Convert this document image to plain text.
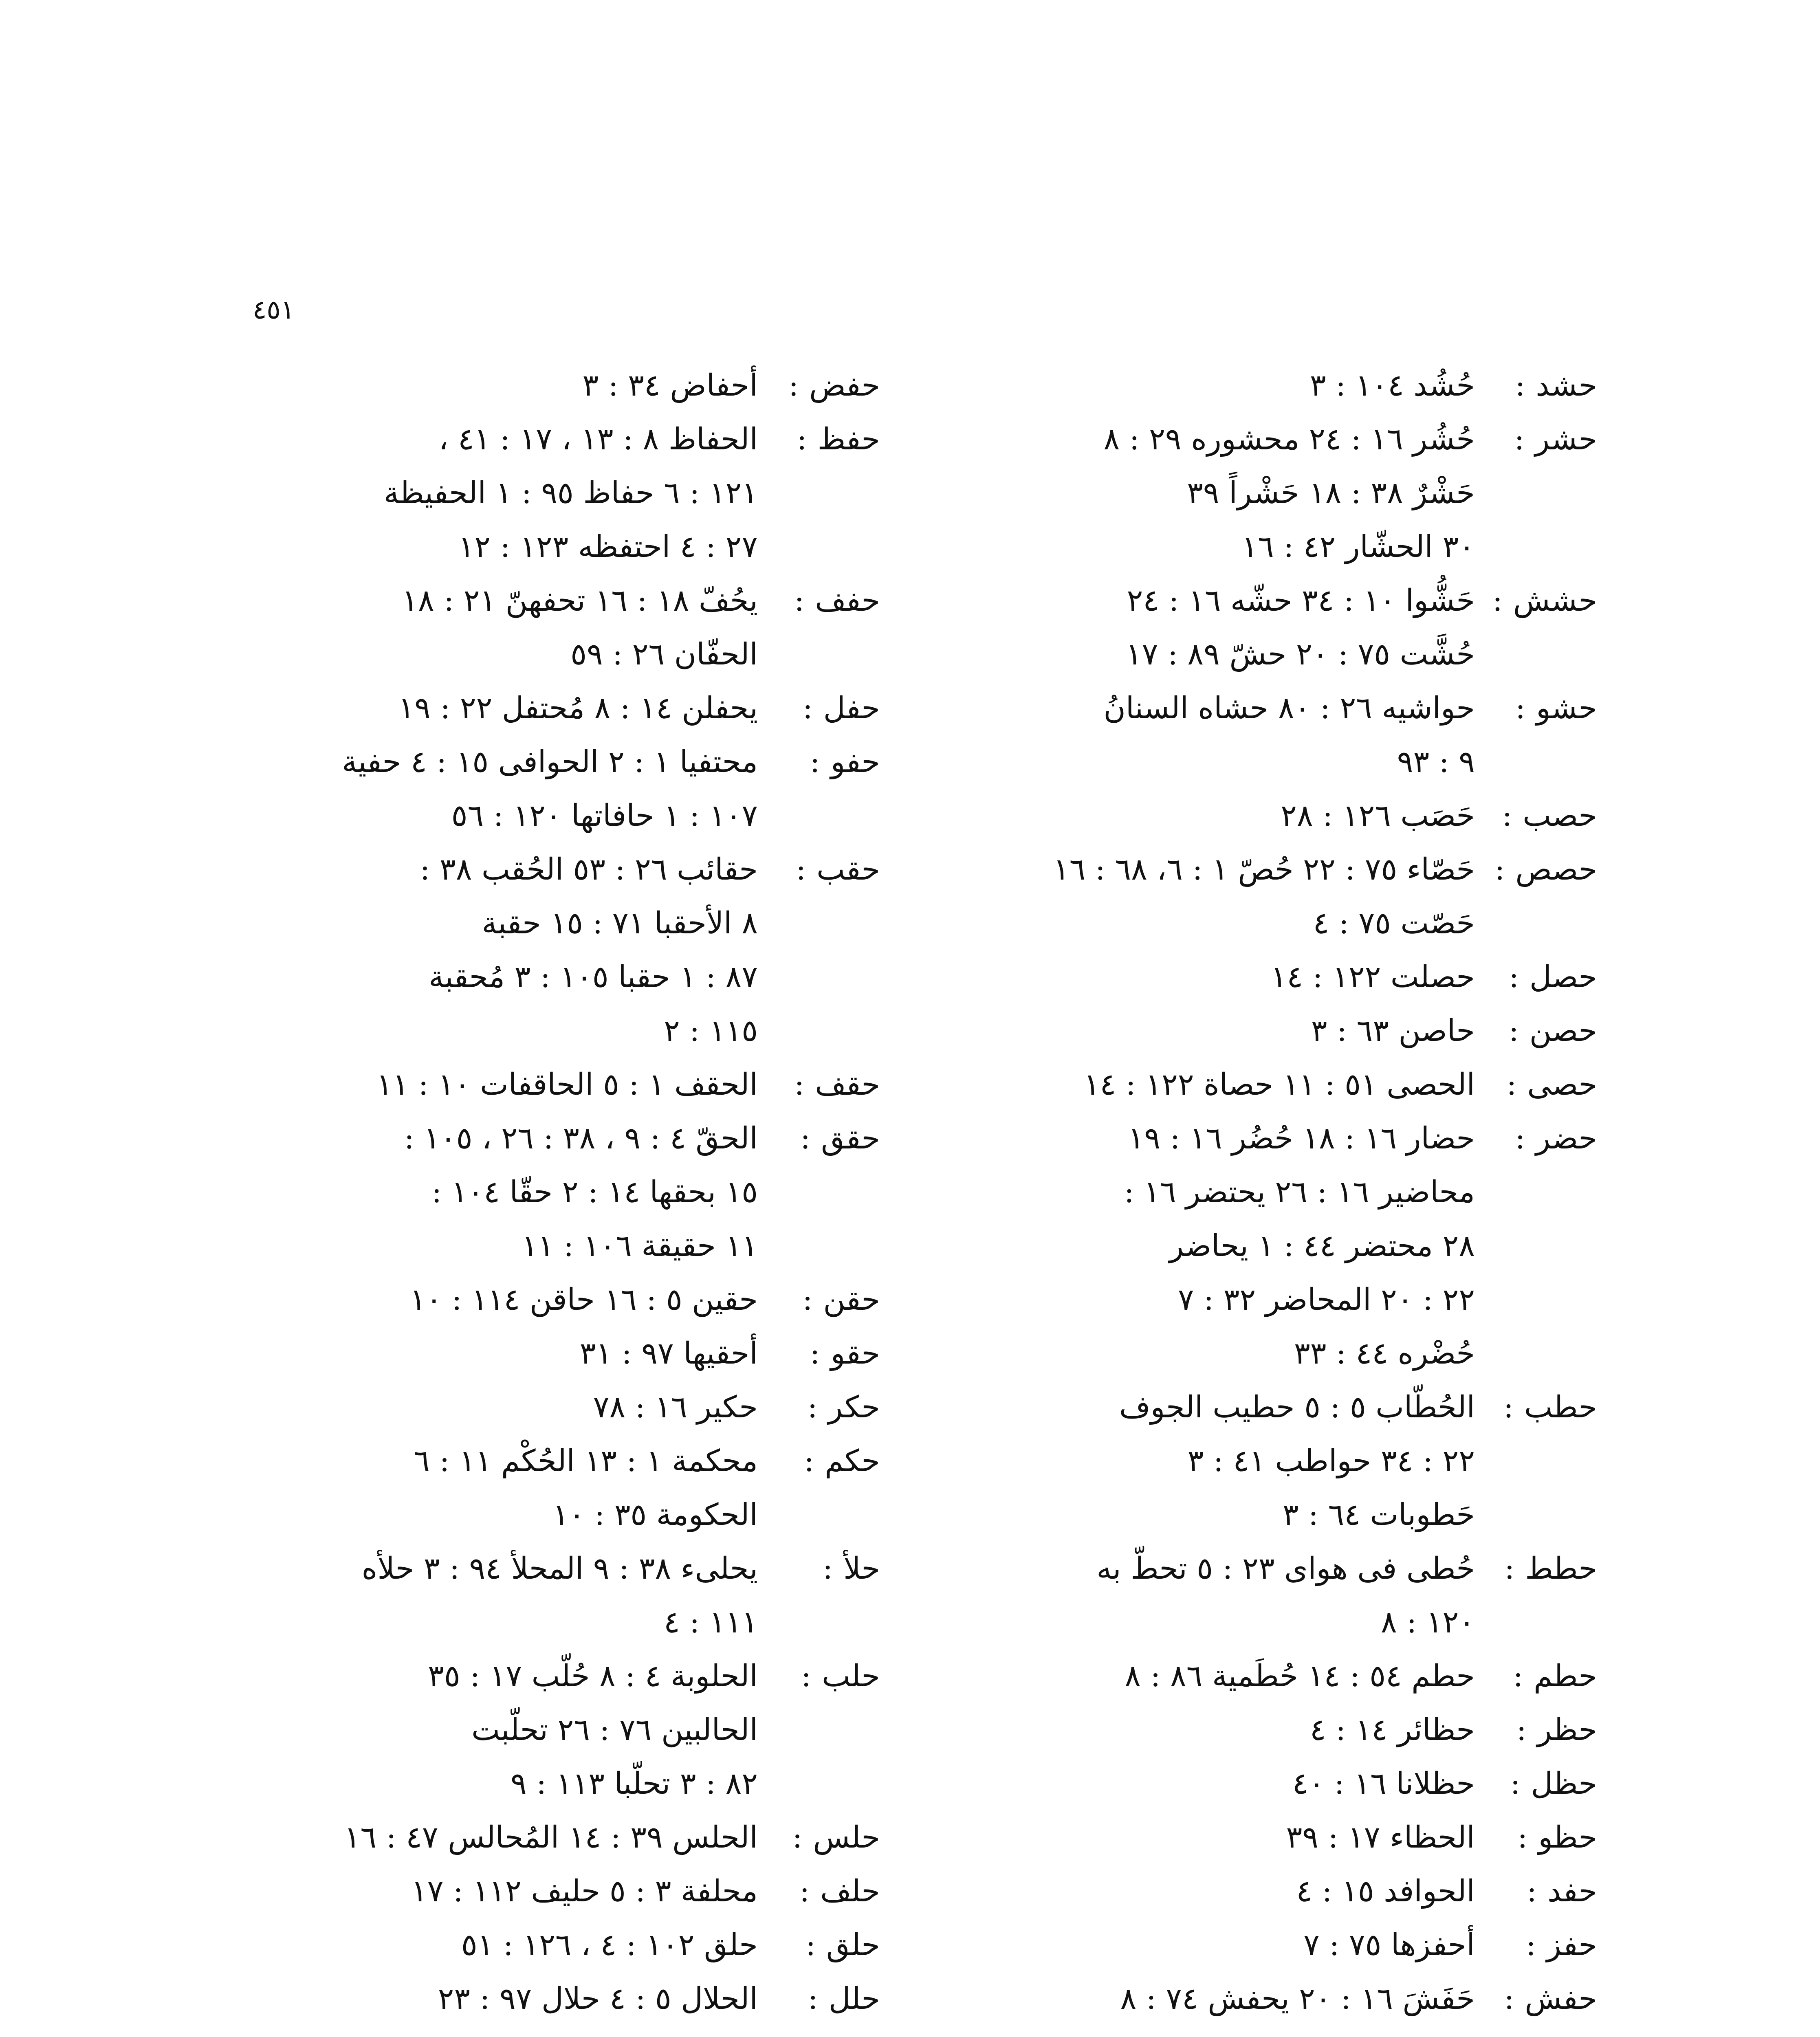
٤٥١
حشد:
حُشُد ١٠٤ : ٣
حشر:
حُشُر ١٦ : ٢٤ محشوره ٢٩ : ٨
حَشْرٌ ٣٨ : ١٨ حَشْراً ٣٩
٣٠ الحشّار ٤٢ : ١٦
حشش:
حَشُّوا ١٠ : ٣٤ حشّه ١٦ : ٢٤
حُشَّت ٧٥ : ٢٠ حشّ ٨٩ : ١٧
حشو:
حواشيه ٢٦ : ٨٠ حشاه السنانُ
٩ : ٩٣
حصب:
حَصَب ١٢٦ : ٢٨
حصص:
حَصّاء ٧٥ : ٢٢ حُصّ ١ : ٦، ٦٨ : ١٦
حَصّت ٧٥ : ٤
حصل:
حصلت ١٢٢ : ١٤
حصن:
حاصن ٦٣ : ٣
حصى:
الحصى ٥١ : ١١ حصاة ١٢٢ : ١٤
حضر:
حضار ١٦ : ١٨ حُضُر ١٦ : ١٩
محاضير ١٦ : ٢٦ يحتضر ١٦ :
٢٨ محتضر ٤٤ : ١ يحاضر
٢٢ : ٢٠ المحاضر ٣٢ : ٧
حُضْره ٤٤ : ٣٣
حطب:
الحُطّاب ٥ : ٥ حطيب الجوف
٢٢ : ٣٤ حواطب ٤١ : ٣
حَطوبات ٦٤ : ٣
حطط:
حُطى فى هواى ٢٣ : ٥ تحطّ به
١٢٠ : ٨
حطم:
حطم ٥٤ : ١٤ حُطَمية ٨٦ : ٨
حظر:
حظائر ١٤ : ٤
حظل:
حظلانا ١٦ : ٤٠
حظو:
الحظاء ١٧ : ٣٩
حفد:
الحوافد ١٥ : ٤
حفز:
أحفزها ٧٥ : ٧
حفش:
حَفَشَ ١٦ : ٢٠ يحفش ٧٤ : ٨
حفض:
أحفاض ٣٤ : ٣
حفظ:
الحفاظ ٨ : ١٣ ، ١٧ : ٤١ ،
١٢١ : ٦ حفاظ ٩٥ : ١ الحفيظة
٢٧ : ٤ احتفظه ١٢٣ : ١٢
حفف:
يحُفّ ١٨ : ١٦ تحفهنّ ٢١ : ١٨
الحفّان ٢٦ : ٥٩
حفل:
يحفلن ١٤ : ٨ مُحتفل ٢٢ : ١٩
حفو:
محتفيا ١ : ٢ الحوافى ١٥ : ٤ حفية
١٠٧ : ١ حافاتها ١٢٠ : ٥٦
حقب:
حقائب ٢٦ : ٥٣ الحُقب ٣٨ :
٨ الأحقبا ٧١ : ١٥ حقبة
٨٧ : ١ حقبا ١٠٥ : ٣ مُحقبة
١١٥ : ٢
حقف:
الحقف ١ : ٥ الحاقفات ١٠ : ١١
حقق:
الحقّ ٤ : ٩ ، ٣٨ : ٢٦ ، ١٠٥ :
١٥ بحقها ١٤ : ٢ حقّا ١٠٤ :
١١ حقيقة ١٠٦ : ١١
حقن:
حقين ٥ : ١٦ حاقن ١١٤ : ١٠
حقو:
أحقيها ٩٧ : ٣١
حكر:
حكير ١٦ : ٧٨
حكم:
محكمة ١ : ١٣ الحُكْم ١١ : ٦
الحكومة ٣٥ : ١٠
حلأ:
يحلىء ٣٨ : ٩ المحلأ ٩٤ : ٣ حلأه
١١١ : ٤
حلب:
الحلوبة ٤ : ٨ حُلّب ١٧ : ٣٥
الحالبين ٧٦ : ٢٦ تحلّبت
٨٢ : ٣ تحلّبا ١١٣ : ٩
حلس:
الحلس ٣٩ : ١٤ المُحالس ٤٧ : ١٦
حلف:
محلفة ٣ : ٥ حليف ١١٢ : ١٧
حلق:
حلق ١٠٢ : ٤ ، ١٢٦ : ٥١
حلل:
الحلال ٥ : ٤ حلال ٩٧ : ٢٣
